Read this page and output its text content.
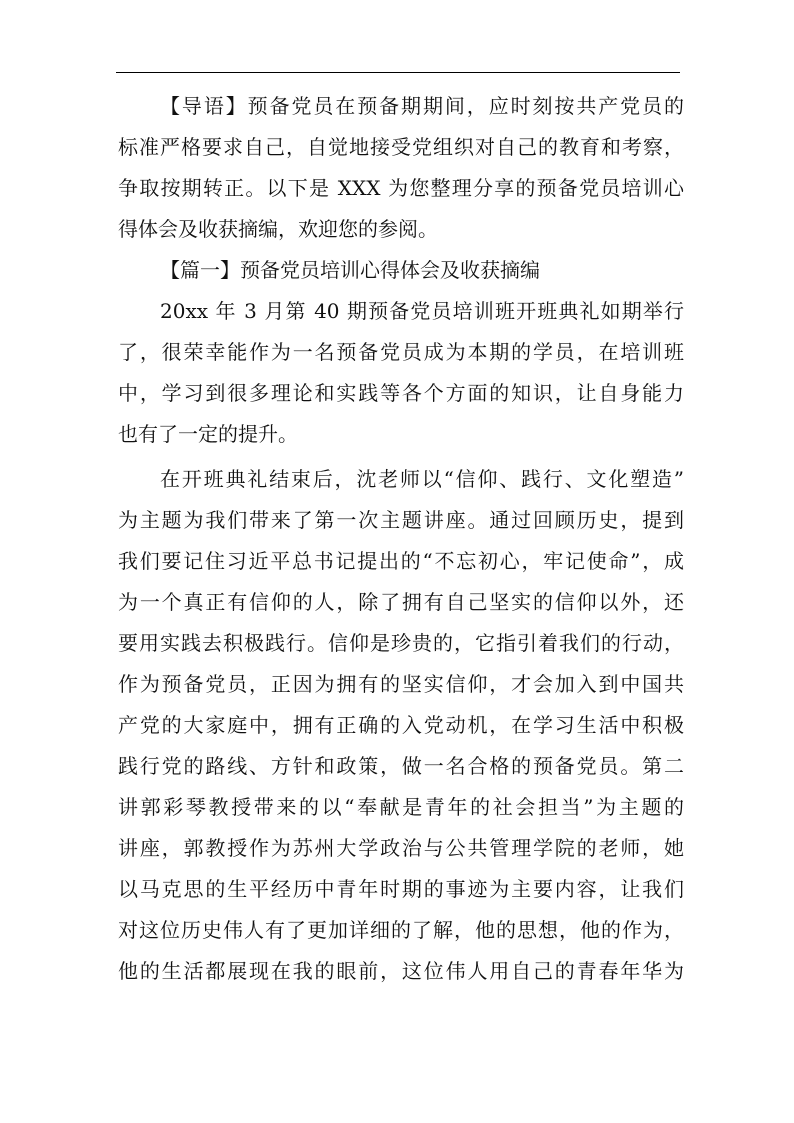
【导语】预备党员在预备期期间，应时刻按共产党员的
标准严格要求自己，自觉地接受党组织对自己的教育和考察，
争取按期转正。以下是 XXX 为您整理分享的预备党员培训心
得体会及收获摘编，欢迎您的参阅。
【篇一】预备党员培训心得体会及收获摘编
20xx 年 3 月第 40 期预备党员培训班开班典礼如期举行
了，很荣幸能作为一名预备党员成为本期的学员，在培训班
中，学习到很多理论和实践等各个方面的知识，让自身能力
也有了一定的提升。
在开班典礼结束后，沈老师以“信仰、践行、文化塑造”
为主题为我们带来了第一次主题讲座。通过回顾历史，提到
我们要记住习近平总书记提出的“不忘初心，牢记使命”，成
为一个真正有信仰的人，除了拥有自己坚实的信仰以外，还
要用实践去积极践行。信仰是珍贵的，它指引着我们的行动，
作为预备党员，正因为拥有的坚实信仰，才会加入到中国共
产党的大家庭中，拥有正确的入党动机，在学习生活中积极
践行党的路线、方针和政策，做一名合格的预备党员。第二
讲郭彩琴教授带来的以“奉献是青年的社会担当”为主题的
讲座，郭教授作为苏州大学政治与公共管理学院的老师，她
以马克思的生平经历中青年时期的事迹为主要内容，让我们
对这位历史伟人有了更加详细的了解，他的思想，他的作为，
他的生活都展现在我的眼前，这位伟人用自己的青春年华为
